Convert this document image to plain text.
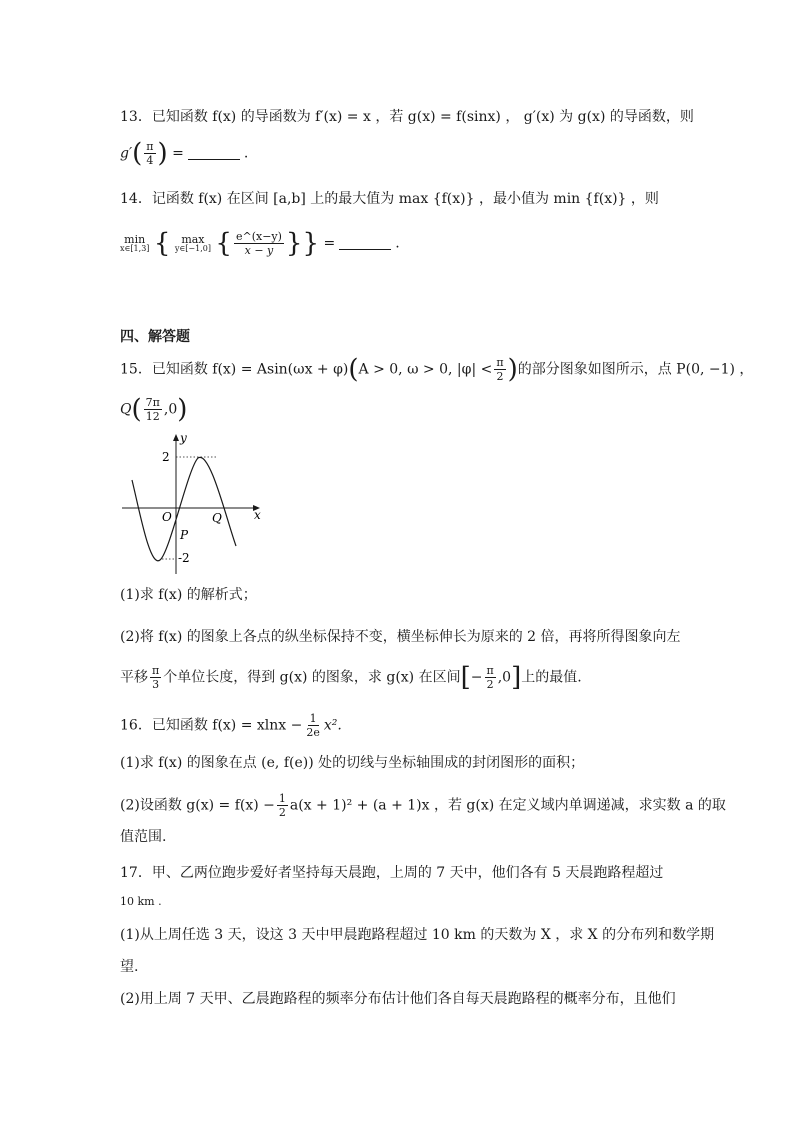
13．已知函数 f(x) 的导函数为 f′(x) = x ，若 g(x) = f(sinx) ， g′(x) 为 g(x) 的导函数，则
$g'( \frac{\pi}{4}$ ) =	.
14．记函数 f(x) 在区间 [a,b] 上的最大值为 max {f(x)} ，最小值为 min {f(x)} ，则
min
x∈[1,3] { max
y∈[−1,0] { $\frac{e\^{}(x-y)}{x - y}$ }} =	.
四、解答题
15．已知函数 f(x) = Asin(ωx + φ)(A > 0, ω > 0, $|\varphi| < \frac{\pi}{2}$ )的部分图象如图所示，点 P(0, −1) ，
$Q( \frac{7\pi}{12} ,0)$
y
x
2
O
P
Q
-2
(1)求 f(x) 的解析式；
(2)将 f(x) 的图象上各点的纵坐标保持不变，横坐标伸长为原来的 2 倍，再将所得图象向左
平移 $\frac{\pi}{3}$ 个单位长度，得到 g(x) 的图象，求 g(x) 在区间[− $\frac{\pi}{2} ,0$]上的最值.
16．已知函数 $f(x) = xlnx - \frac{1}{2e} x^2$.
(1)求 f(x) 的图象在点 (e, f(e)) 处的切线与坐标轴围成的封闭图形的面积；
(2)设函数 $g(x) = f(x) - \frac{1}{2} a(x + 1)^2 + (a + 1)x$ ，若 g(x) 在定义域内单调递减，求实数 a 的取
值范围.
17．甲、乙两位跑步爱好者坚持每天晨跑，上周的 7 天中，他们各有 5 天晨跑路程超过
10 km .
(1)从上周任选 3 天，设这 3 天中甲晨跑路程超过 10 km 的天数为 X ，求 X 的分布列和数学期
望.
(2)用上周 7 天甲、乙晨跑路程的频率分布估计他们各自每天晨跑路程的概率分布，且他们
